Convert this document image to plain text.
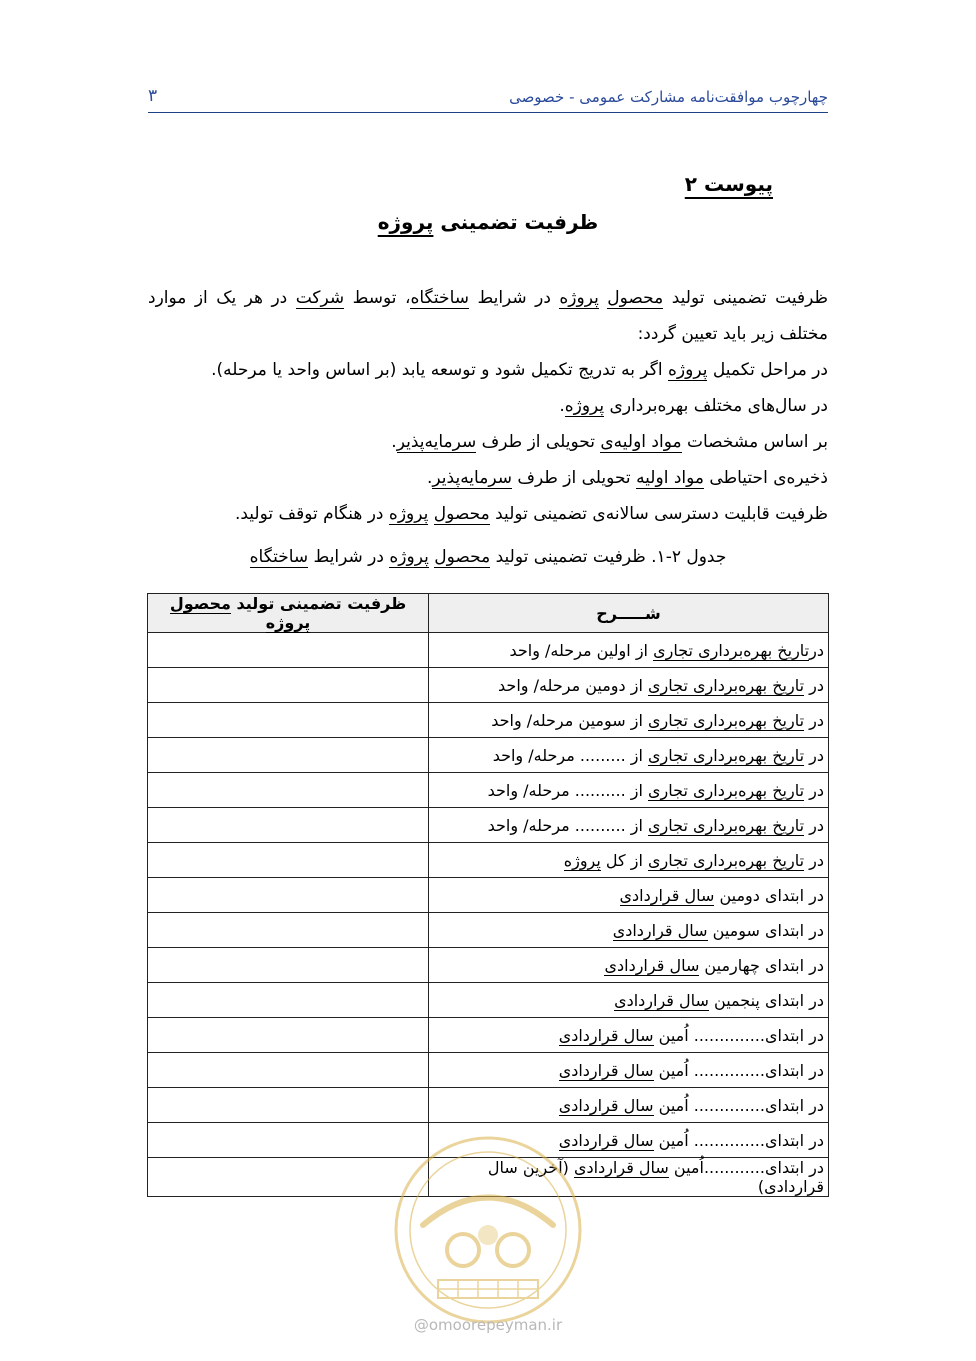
چهارچوب موافقت‌نامه مشارکت عمومی - خصوصی
۳
پیوست ۲
ظرفیت تضمینی پروژه

ظرفیت تضمینی تولید محصول پروژه در شرایط ساختگاه، توسط شرکت در هر یک از موارد مختلف زیر باید تعیین گردد:

در مراحل تکمیل پروژه اگر به تدریج تکمیل شود و توسعه یابد (بر اساس واحد یا مرحله).

در سال‌های مختلف بهره‌برداری پروژه.

بر اساس مشخصات مواد اولیه‌ی تحویلی از طرف سرمایه‌پذیر.

ذخیره‌ی احتیاطی مواد اولیه تحویلی از طرف سرمایه‌پذیر.

ظرفیت قابلیت دسترسی سالانه‌ی تضمینی تولید محصول پروژه در هنگام توقف تولید.

جدول ۲-۱. ظرفیت تضمینی تولید محصول پروژه در شرایط ساختگاه
شـــــرح	ظرفیت تضمینی تولید محصول پروژه
درتاریخ بهره‌برداری تجاری از اولین مرحله/ واحد	
در تاریخ بهره‌برداری تجاری از دومین مرحله/ واحد	
در تاریخ بهره‌برداری تجاری از سومین مرحله/ واحد	
در تاریخ بهره‌برداری تجاری از ......... مرحله/ واحد	
در تاریخ بهره‌برداری تجاری از .......... مرحله/ واحد	
در تاریخ بهره‌برداری تجاری از .......... مرحله/ واحد	
در تاریخ بهره‌برداری تجاری از کل پروژه	
در ابتدای دومین سال قراردادی	
در ابتدای سومین سال قراردادی	
در ابتدای چهارمین سال قراردادی	
در ابتدای پنجمین سال قراردادی	
در ابتدای.............. اُمین سال قراردادی	
در ابتدای.............. اُمین سال قراردادی	
در ابتدای.............. اُمین سال قراردادی	
در ابتدای.............. اُمین سال قراردادی	
در ابتدای............اُمین سال قراردادی (آخرین سال قراردادی)	
@omoorepeyman.ir
